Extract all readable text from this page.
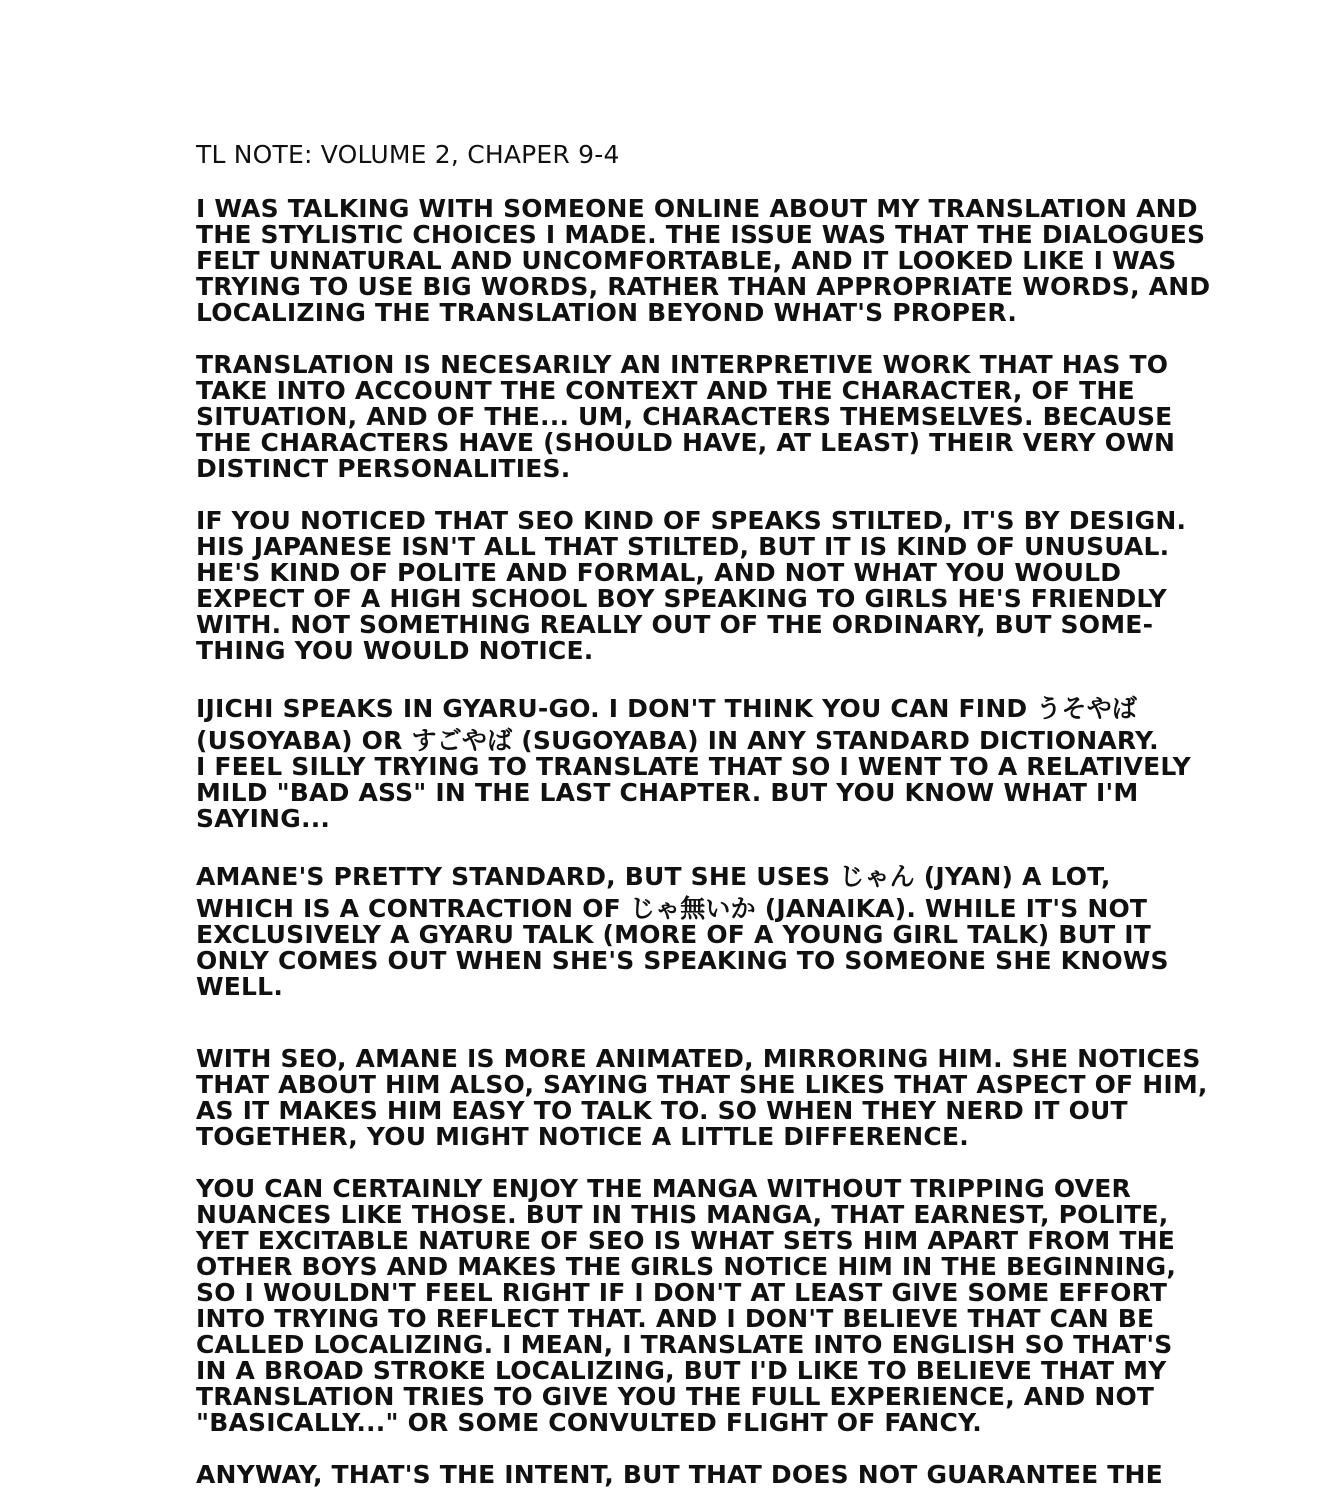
TL NOTE: VOLUME 2, CHAPER 9-4
I WAS TALKING WITH SOMEONE ONLINE ABOUT MY TRANSLATION AND
THE STYLISTIC CHOICES I MADE. THE ISSUE WAS THAT THE DIALOGUES
FELT UNNATURAL AND UNCOMFORTABLE, AND IT LOOKED LIKE I WAS
TRYING TO USE BIG WORDS, RATHER THAN APPROPRIATE WORDS, AND
LOCALIZING THE TRANSLATION BEYOND WHAT'S PROPER.
TRANSLATION IS NECESARILY AN INTERPRETIVE WORK THAT HAS TO
TAKE INTO ACCOUNT THE CONTEXT AND THE CHARACTER, OF THE
SITUATION, AND OF THE... UM, CHARACTERS THEMSELVES. BECAUSE
THE CHARACTERS HAVE (SHOULD HAVE, AT LEAST) THEIR VERY OWN
DISTINCT PERSONALITIES.
IF YOU NOTICED THAT SEO KIND OF SPEAKS STILTED, IT'S BY DESIGN.
HIS JAPANESE ISN'T ALL THAT STILTED, BUT IT IS KIND OF UNUSUAL.
HE'S KIND OF POLITE AND FORMAL, AND NOT WHAT YOU WOULD
EXPECT OF A HIGH SCHOOL BOY SPEAKING TO GIRLS HE'S FRIENDLY
WITH. NOT SOMETHING REALLY OUT OF THE ORDINARY, BUT SOME-
THING YOU WOULD NOTICE.
IJICHI SPEAKS IN GYARU-GO. I DON'T THINK YOU CAN FIND うそやば
(USOYABA) OR すごやば (SUGOYABA) IN ANY STANDARD DICTIONARY.
I FEEL SILLY TRYING TO TRANSLATE THAT SO I WENT TO A RELATIVELY
MILD "BAD ASS" IN THE LAST CHAPTER. BUT YOU KNOW WHAT I'M
SAYING...
AMANE'S PRETTY STANDARD, BUT SHE USES じゃん (JYAN) A LOT,
WHICH IS A CONTRACTION OF じゃ無いか (JANAIKA). WHILE IT'S NOT
EXCLUSIVELY A GYARU TALK (MORE OF A YOUNG GIRL TALK) BUT IT
ONLY COMES OUT WHEN SHE'S SPEAKING TO SOMEONE SHE KNOWS
WELL.
WITH SEO, AMANE IS MORE ANIMATED, MIRRORING HIM. SHE NOTICES
THAT ABOUT HIM ALSO, SAYING THAT SHE LIKES THAT ASPECT OF HIM,
AS IT MAKES HIM EASY TO TALK TO. SO WHEN THEY NERD IT OUT
TOGETHER, YOU MIGHT NOTICE A LITTLE DIFFERENCE.
YOU CAN CERTAINLY ENJOY THE MANGA WITHOUT TRIPPING OVER
NUANCES LIKE THOSE. BUT IN THIS MANGA, THAT EARNEST, POLITE,
YET EXCITABLE NATURE OF SEO IS WHAT SETS HIM APART FROM THE
OTHER BOYS AND MAKES THE GIRLS NOTICE HIM IN THE BEGINNING,
SO I WOULDN'T FEEL RIGHT IF I DON'T AT LEAST GIVE SOME EFFORT
INTO TRYING TO REFLECT THAT. AND I DON'T BELIEVE THAT CAN BE
CALLED LOCALIZING. I MEAN, I TRANSLATE INTO ENGLISH SO THAT'S
IN A BROAD STROKE LOCALIZING, BUT I'D LIKE TO BELIEVE THAT MY
TRANSLATION TRIES TO GIVE YOU THE FULL EXPERIENCE, AND NOT
"BASICALLY..." OR SOME CONVULTED FLIGHT OF FANCY.
ANYWAY, THAT'S THE INTENT, BUT THAT DOES NOT GUARANTEE THE
